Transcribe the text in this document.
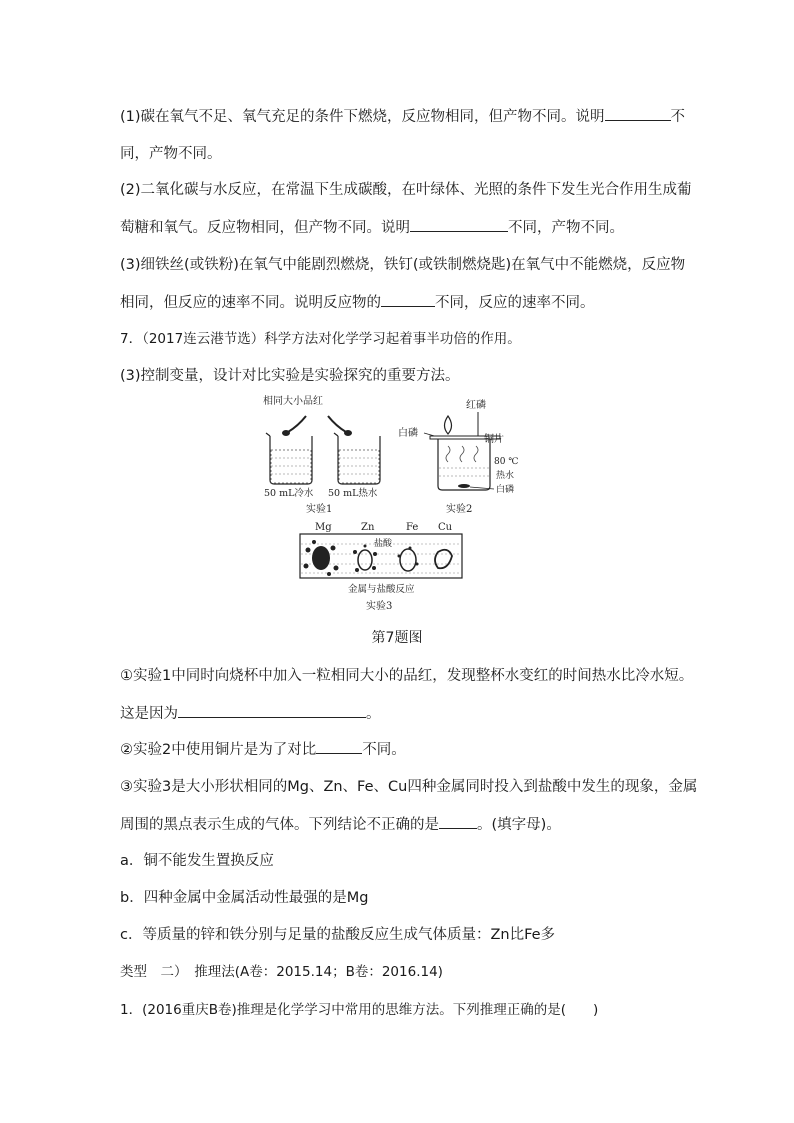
(1)碳在氧气不足、氧气充足的条件下燃烧，反应物相同，但产物不同。说明	不
同，产物不同。
(2)二氧化碳与水反应，在常温下生成碳酸，在叶绿体、光照的条件下发生光合作用生成葡
萄糖和氧气。反应物相同，但产物不同。说明	不同，产物不同。
(3)细铁丝(或铁粉)在氧气中能剧烈燃烧，铁钉(或铁制燃烧匙)在氧气中不能燃烧，反应物
相同，但反应的速率不同。说明反应物的	不同，反应的速率不同。
7．（2017连云港节选）科学方法对化学学习起着事半功倍的作用。
(3)控制变量，设计对比实验是实验探究的重要方法。
相同大小品红
50 mL冷水 50 mL热水
实验1
红磷
白磷
铜片
80 ℃
热水
白磷
实验2
Mg	Zn	Fe Cu
盐酸
金属与盐酸反应
实验3
第7题图
①实验1中同时向烧杯中加入一粒相同大小的品红，发现整杯水变红的时间热水比冷水短。
这是因为	。
②实验2中使用铜片是为了对比	不同。
③实验3是大小形状相同的Mg、Zn、Fe、Cu四种金属同时投入到盐酸中发生的现象，金属
周围的黑点表示生成的气体。下列结论不正确的是	。(填字母)。
a．铜不能发生置换反应
b．四种金属中金属活动性最强的是Mg
c．等质量的锌和铁分别与足量的盐酸反应生成气体质量：Zn比Fe多
类型　二）　推理法(A卷：2015.14；B卷：2016.14)
1．(2016重庆B卷)推理是化学学习中常用的思维方法。下列推理正确的是(　　)
